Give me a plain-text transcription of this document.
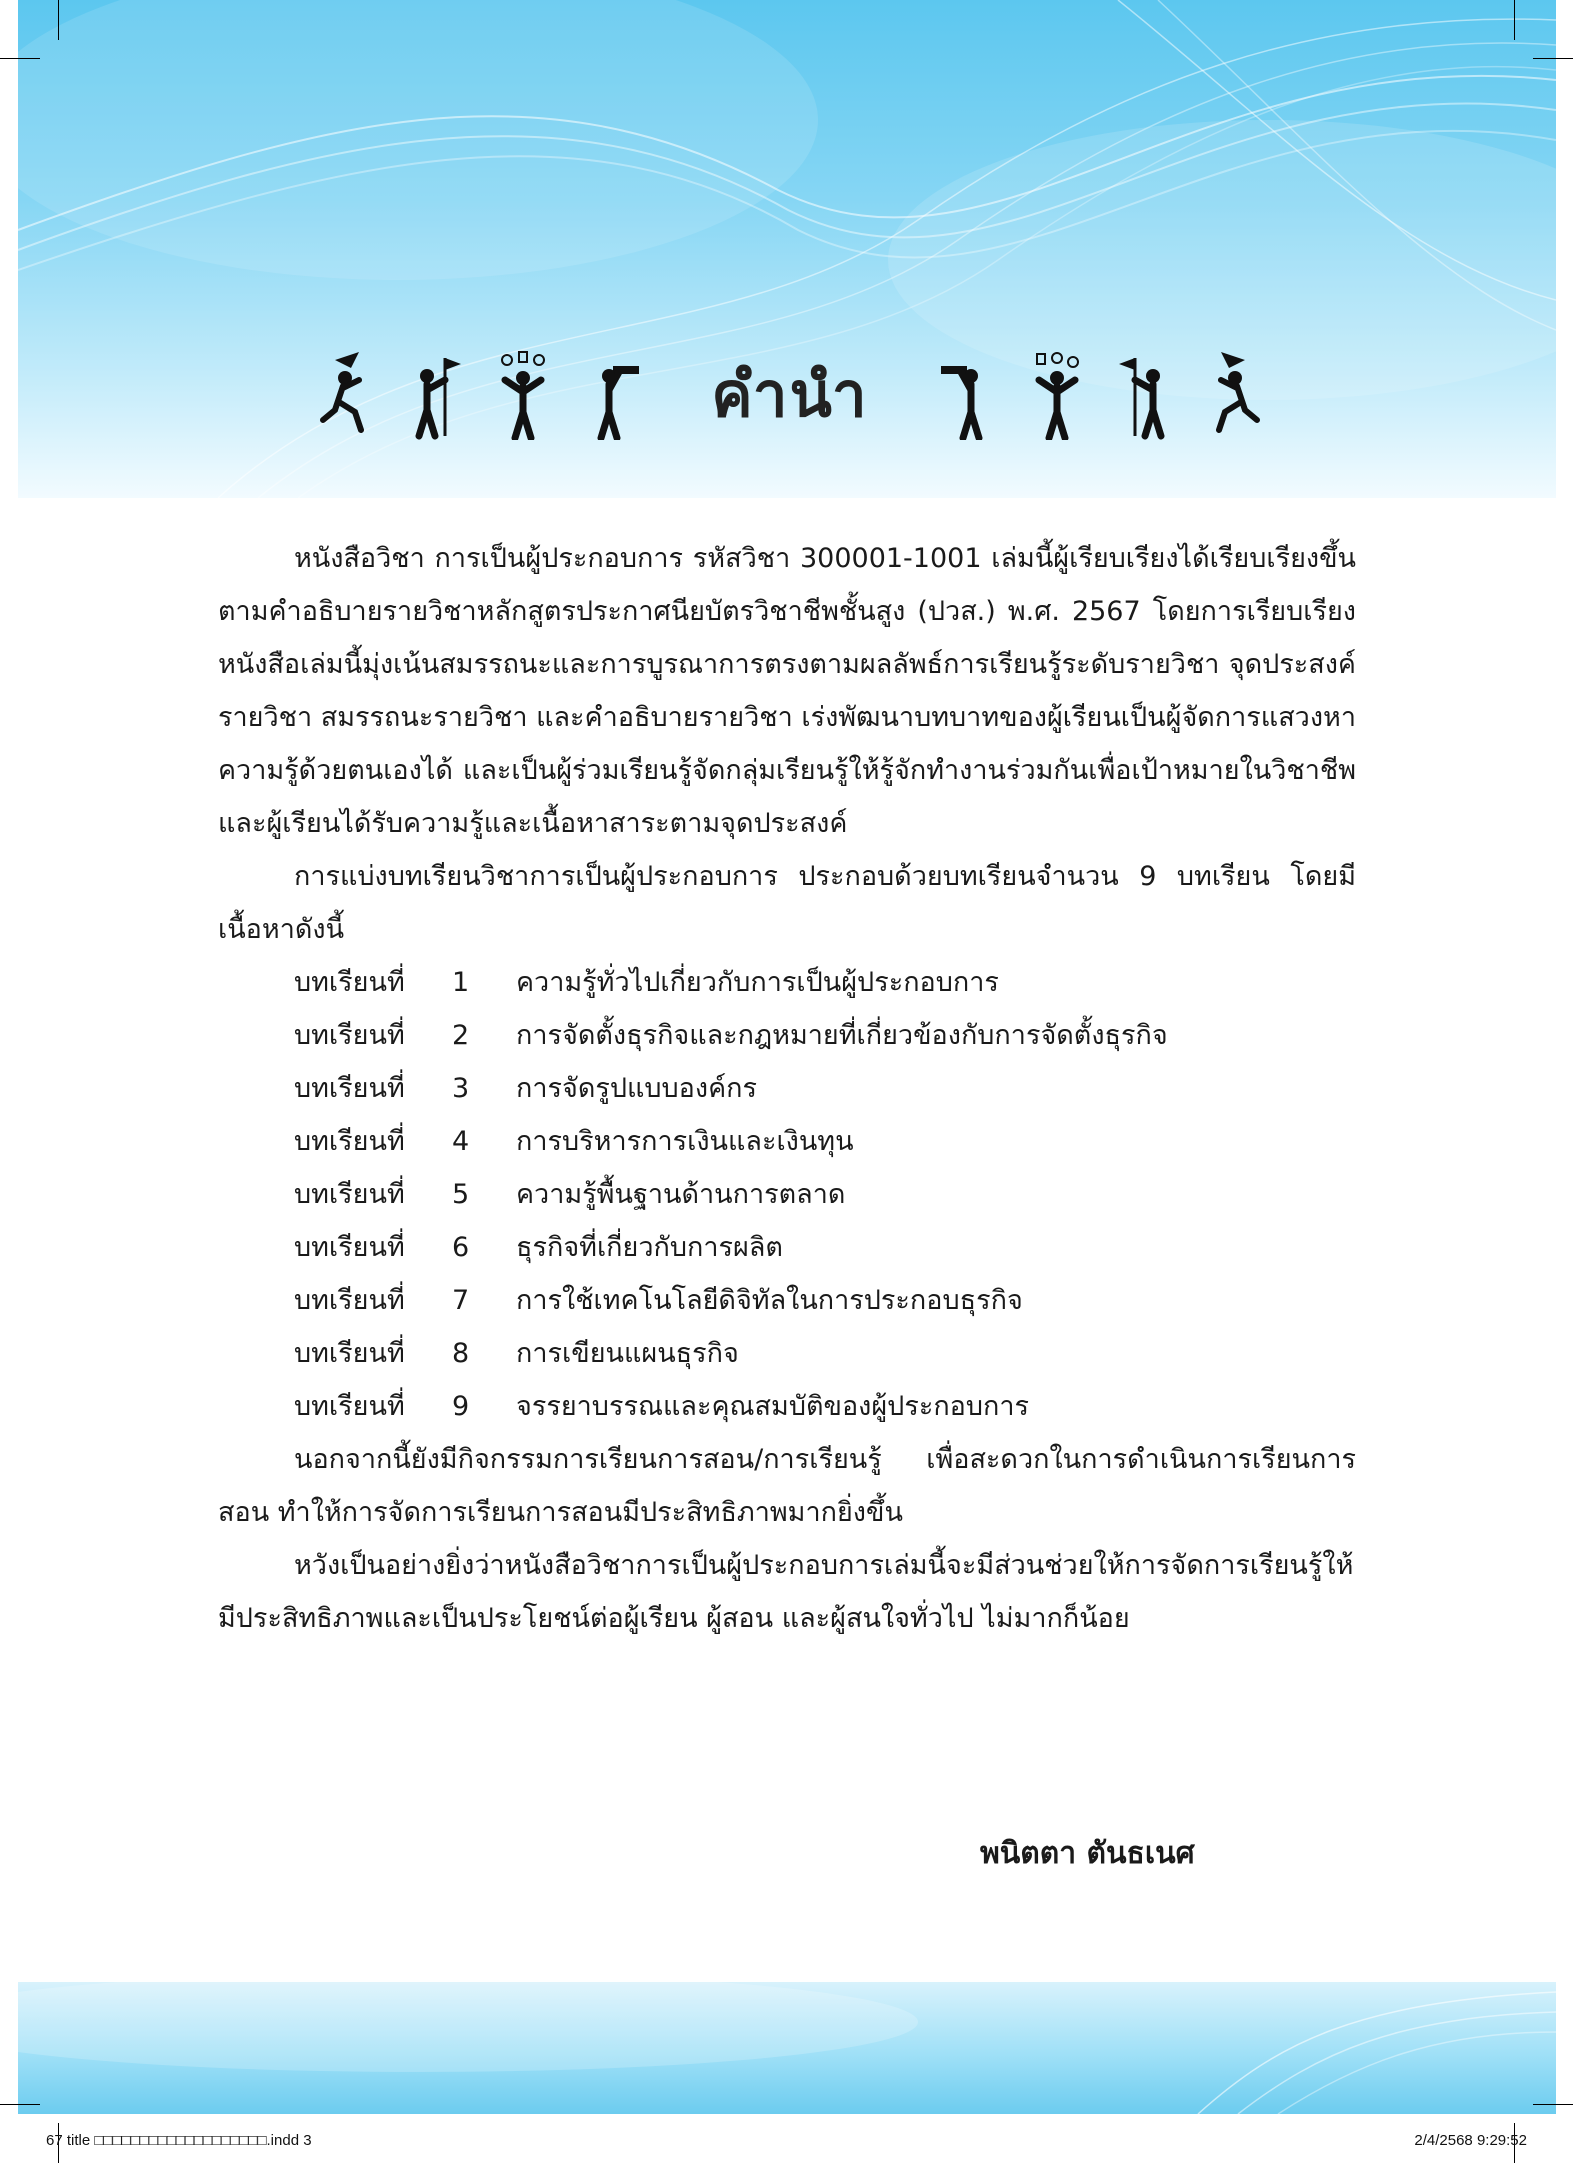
คำนำ

หนังสือวิชา การเป็นผู้ประกอบการ รหัสวิชา 300001-1001 เล่มนี้ผู้เรียบเรียงได้เรียบเรียงขึ้นตามคำอธิบายรายวิชาหลักสูตรประกาศนียบัตรวิชาชีพชั้นสูง (ปวส.) พ.ศ. 2567 โดยการเรียบเรียงหนังสือเล่มนี้มุ่งเน้นสมรรถนะและการบูรณาการตรงตามผลลัพธ์การเรียนรู้ระดับรายวิชา จุดประสงค์รายวิชา สมรรถนะรายวิชา และคำอธิบายรายวิชา เร่งพัฒนาบทบาทของผู้เรียนเป็นผู้จัดการแสวงหาความรู้ด้วยตนเองได้ และเป็นผู้ร่วมเรียนรู้จัดกลุ่มเรียนรู้ให้รู้จักทำงานร่วมกันเพื่อเป้าหมายในวิชาชีพ และผู้เรียนได้รับความรู้และเนื้อหาสาระตามจุดประสงค์

การแบ่งบทเรียนวิชาการเป็นผู้ประกอบการ ประกอบด้วยบทเรียนจำนวน 9 บทเรียน โดยมีเนื้อหาดังนี้

บทเรียนที่	1	ความรู้ทั่วไปเกี่ยวกับการเป็นผู้ประกอบการ
บทเรียนที่	2	การจัดตั้งธุรกิจและกฎหมายที่เกี่ยวข้องกับการจัดตั้งธุรกิจ
บทเรียนที่	3	การจัดรูปแบบองค์กร
บทเรียนที่	4	การบริหารการเงินและเงินทุน
บทเรียนที่	5	ความรู้พื้นฐานด้านการตลาด
บทเรียนที่	6	ธุรกิจที่เกี่ยวกับการผลิต
บทเรียนที่	7	การใช้เทคโนโลยีดิจิทัลในการประกอบธุรกิจ
บทเรียนที่	8	การเขียนแผนธุรกิจ
บทเรียนที่	9	จรรยาบรรณและคุณสมบัติของผู้ประกอบการ

นอกจากนี้ยังมีกิจกรรมการเรียนการสอน/การเรียนรู้ เพื่อสะดวกในการดำเนินการเรียนการสอน ทำให้การจัดการเรียนการสอนมีประสิทธิภาพมากยิ่งขึ้น

หวังเป็นอย่างยิ่งว่าหนังสือวิชาการเป็นผู้ประกอบการเล่มนี้จะมีส่วนช่วยให้การจัดการเรียนรู้ให้มีประสิทธิภาพและเป็นประโยชน์ต่อผู้เรียน ผู้สอน และผู้สนใจทั่วไป ไม่มากก็น้อย

พนิตตา ตันธเนศ

67 title □□□□□□□□□□□□□□□□□□□.indd 3	2/4/2568 9:29:52
